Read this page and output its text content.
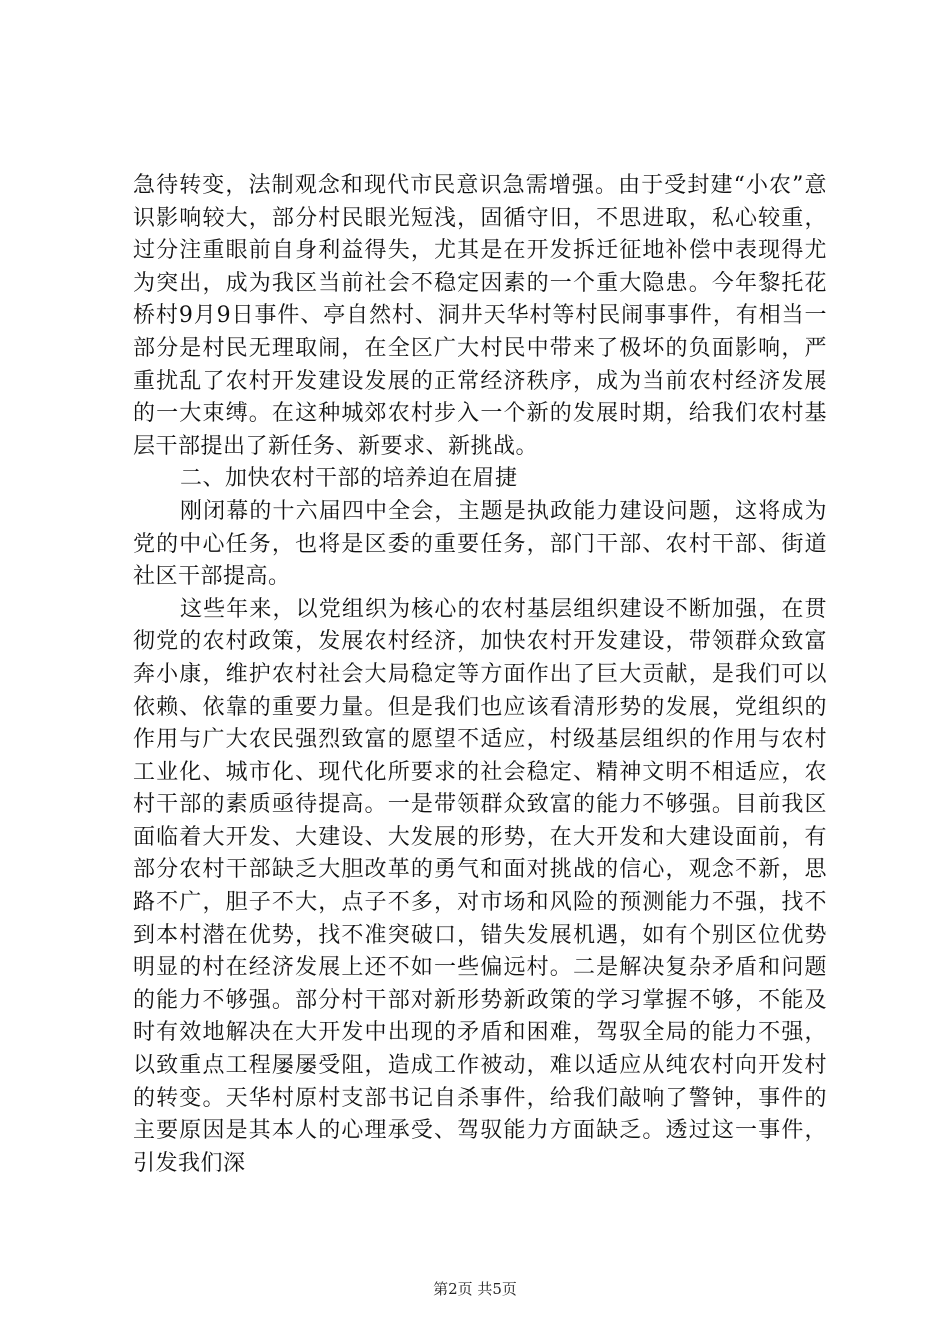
急待转变，法制观念和现代市民意识急需增强。由于受封建“小农”意识影响较大，部分村民眼光短浅，固循守旧，不思进取，私心较重，过分注重眼前自身利益得失，尤其是在开发拆迁征地补偿中表现得尤为突出，成为我区当前社会不稳定因素的一个重大隐患。今年黎托花桥村9月9日事件、亭自然村、洞井天华村等村民闹事事件，有相当一部分是村民无理取闹，在全区广大村民中带来了极坏的负面影响，严重扰乱了农村开发建设发展的正常经济秩序，成为当前农村经济发展的一大束缚。在这种城郊农村步入一个新的发展时期，给我们农村基层干部提出了新任务、新要求、新挑战。

二、加快农村干部的培养迫在眉捷

刚闭幕的十六届四中全会，主题是执政能力建设问题，这将成为党的中心任务，也将是区委的重要任务，部门干部、农村干部、街道社区干部提高。

这些年来，以党组织为核心的农村基层组织建设不断加强，在贯彻党的农村政策，发展农村经济，加快农村开发建设，带领群众致富奔小康，维护农村社会大局稳定等方面作出了巨大贡献，是我们可以依赖、依靠的重要力量。但是我们也应该看清形势的发展，党组织的作用与广大农民强烈致富的愿望不适应，村级基层组织的作用与农村工业化、城市化、现代化所要求的社会稳定、精神文明不相适应，农村干部的素质亟待提高。一是带领群众致富的能力不够强。目前我区面临着大开发、大建设、大发展的形势，在大开发和大建设面前，有部分农村干部缺乏大胆改革的勇气和面对挑战的信心，观念不新，思路不广，胆子不大，点子不多，对市场和风险的预测能力不强，找不到本村潜在优势，找不准突破口，错失发展机遇，如有个别区位优势明显的村在经济发展上还不如一些偏远村。二是解决复杂矛盾和问题的能力不够强。部分村干部对新形势新政策的学习掌握不够，不能及时有效地解决在大开发中出现的矛盾和困难，驾驭全局的能力不强，以致重点工程屡屡受阻，造成工作被动，难以适应从纯农村向开发村的转变。天华村原村支部书记自杀事件，给我们敲响了警钟，事件的主要原因是其本人的心理承受、驾驭能力方面缺乏。透过这一事件，引发我们深

第2页 共5页
